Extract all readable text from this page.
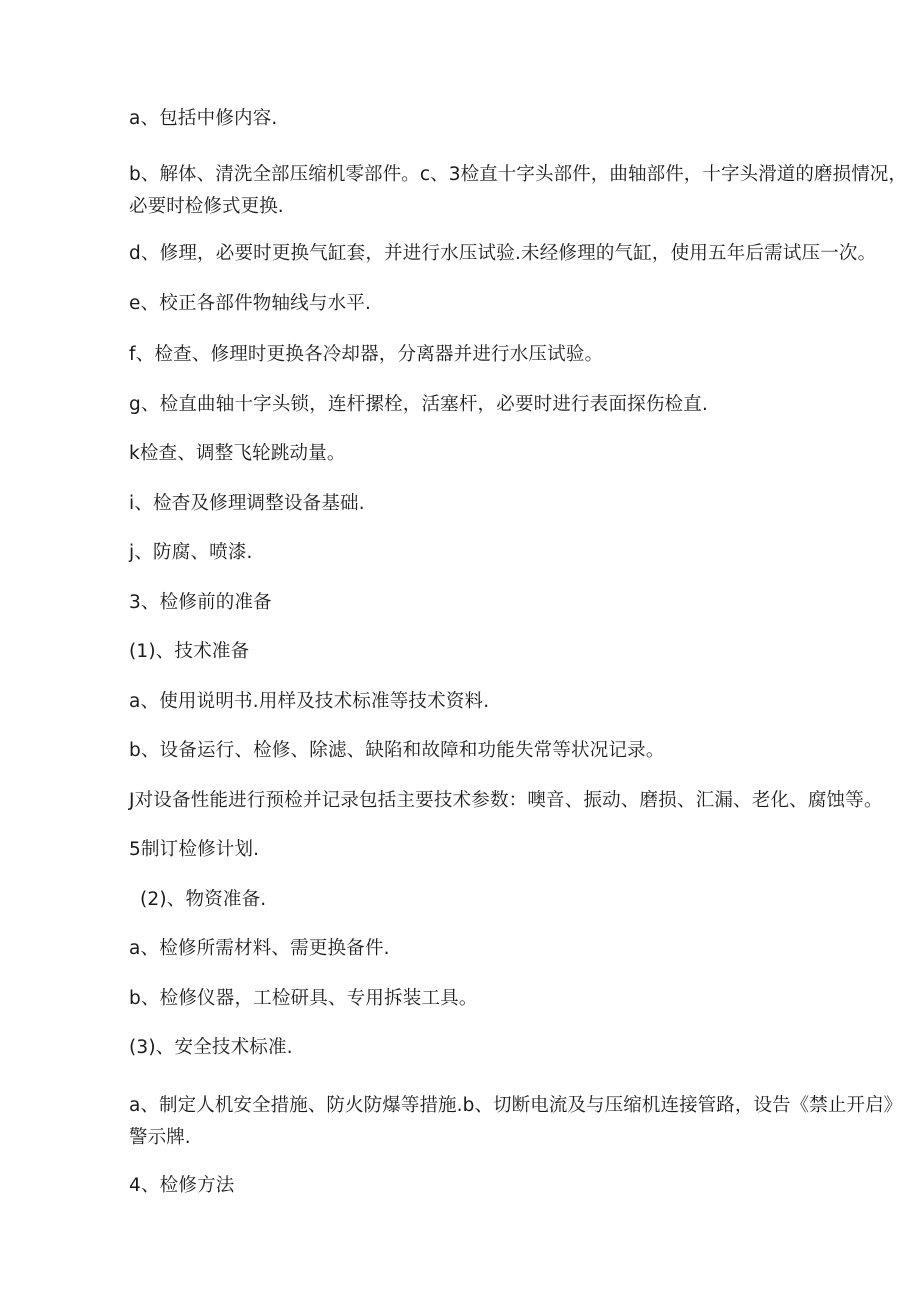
a、包括中修内容.
b、解体、清洗全部压缩机零部件。c、3检直十字头部件，曲轴部件，十字头滑道的磨损情况，必要时检修式更换.
d、修理，必要时更换气缸套，并进行水压试验.未经修理的气缸，使用五年后需试压一次。
e、校正各部件物轴线与水平.
f、检查、修理时更换各冷却器，分离器并进行水压试验。
g、检直曲轴十字头锁，连杆摞栓，活塞杆，必要时进行表面探伤检直.
k检查、调整飞轮跳动量。
i、检杳及修理调整设备基础.
j、防腐、喷漆.
3、检修前的准备
(1)、技术准备
a、使用说明书.用样及技术标准等技术资料.
b、设备运行、检修、除滤、缺陷和故障和功能失常等状况记录。
J对设备性能进行预检并记录包括主要技术参数：噢音、振动、磨损、汇漏、老化、腐蚀等。
5制订检修计划.
(2)、物资准备.
a、检修所需材料、需更换备件.
b、检修仪器，工检研具、专用拆装工具。
(3)、安全技术标准.
a、制定人机安全措施、防火防爆等措施.b、切断电流及与压缩机连接管路，设告《禁止开启》警示牌.
4、检修方法
